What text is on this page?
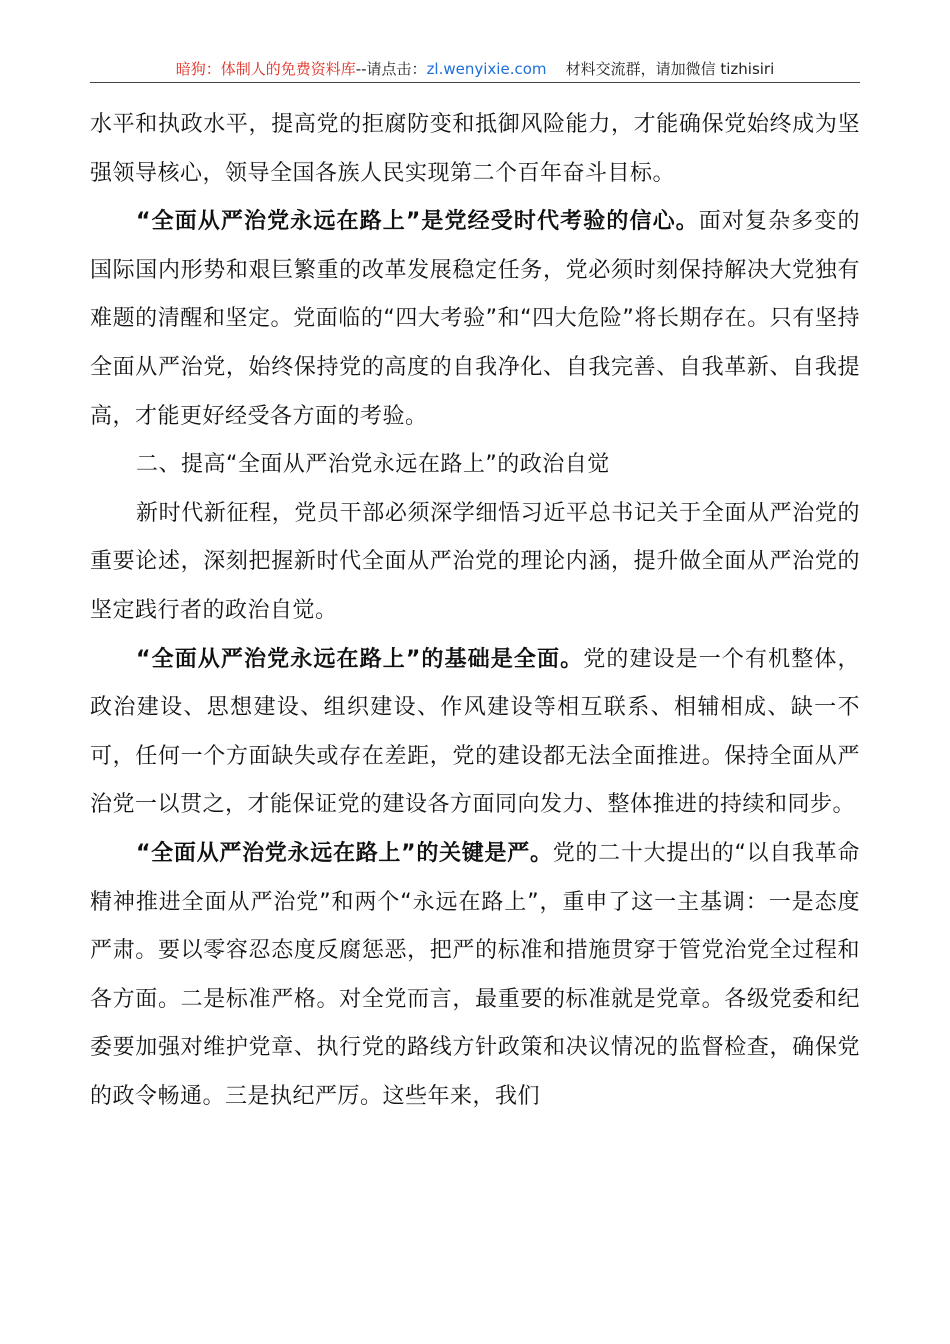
暗狗：体制人的免费资料库--请点击：zl.wenyixie.com 材料交流群，请加微信 tizhisiri

水平和执政水平，提高党的拒腐防变和抵御风险能力，才能确保党始终成为坚强领导核心，领导全国各族人民实现第二个百年奋斗目标。

“全面从严治党永远在路上”是党经受时代考验的信心。面对复杂多变的国际国内形势和艰巨繁重的改革发展稳定任务，党必须时刻保持解决大党独有难题的清醒和坚定。党面临的“四大考验”和“四大危险”将长期存在。只有坚持全面从严治党，始终保持党的高度的自我净化、自我完善、自我革新、自我提高，才能更好经受各方面的考验。

二、提高“全面从严治党永远在路上”的政治自觉

新时代新征程，党员干部必须深学细悟习近平总书记关于全面从严治党的重要论述，深刻把握新时代全面从严治党的理论内涵，提升做全面从严治党的坚定践行者的政治自觉。

“全面从严治党永远在路上”的基础是全面。党的建设是一个有机整体，政治建设、思想建设、组织建设、作风建设等相互联系、相辅相成、缺一不可，任何一个方面缺失或存在差距，党的建设都无法全面推进。保持全面从严治党一以贯之，才能保证党的建设各方面同向发力、整体推进的持续和同步。

“全面从严治党永远在路上”的关键是严。党的二十大提出的“以自我革命精神推进全面从严治党”和两个“永远在路上”，重申了这一主基调：一是态度严肃。要以零容忍态度反腐惩恶，把严的标准和措施贯穿于管党治党全过程和各方面。二是标准严格。对全党而言，最重要的标准就是党章。各级党委和纪委要加强对维护党章、执行党的路线方针政策和决议情况的监督检查，确保党的政令畅通。三是执纪严厉。这些年来，我们
